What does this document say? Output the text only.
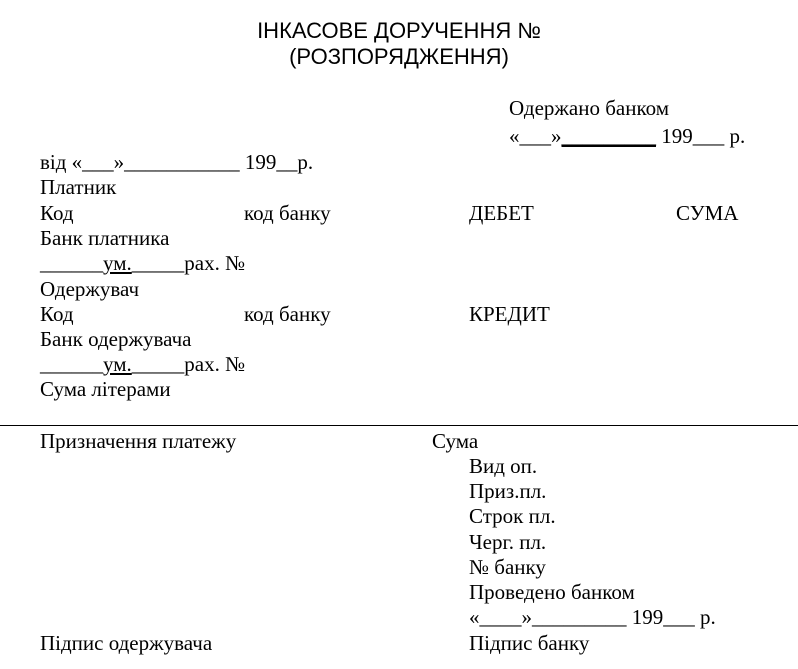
ІНКАСОВЕ ДОРУЧЕННЯ №
(РОЗПОРЯДЖЕННЯ)
Одержано банком
«___»_________ 199___ р.
від «___»___________ 199__р.
Платник
Код	код банку	ДЕБЕТ	СУМА
Банк платника
______ум._____рах. №
Одержувач
Код	код банку	КРЕДИТ
Банк одержувача
______ум._____рах. №
Сума літерами
Призначення платежу	Сума
Вид оп.
Приз.пл.
Строк пл.
Черг. пл.
№ банку
Проведено банком
«____»_________ 199___ р.
Підпис одержувача	Підпис банку
